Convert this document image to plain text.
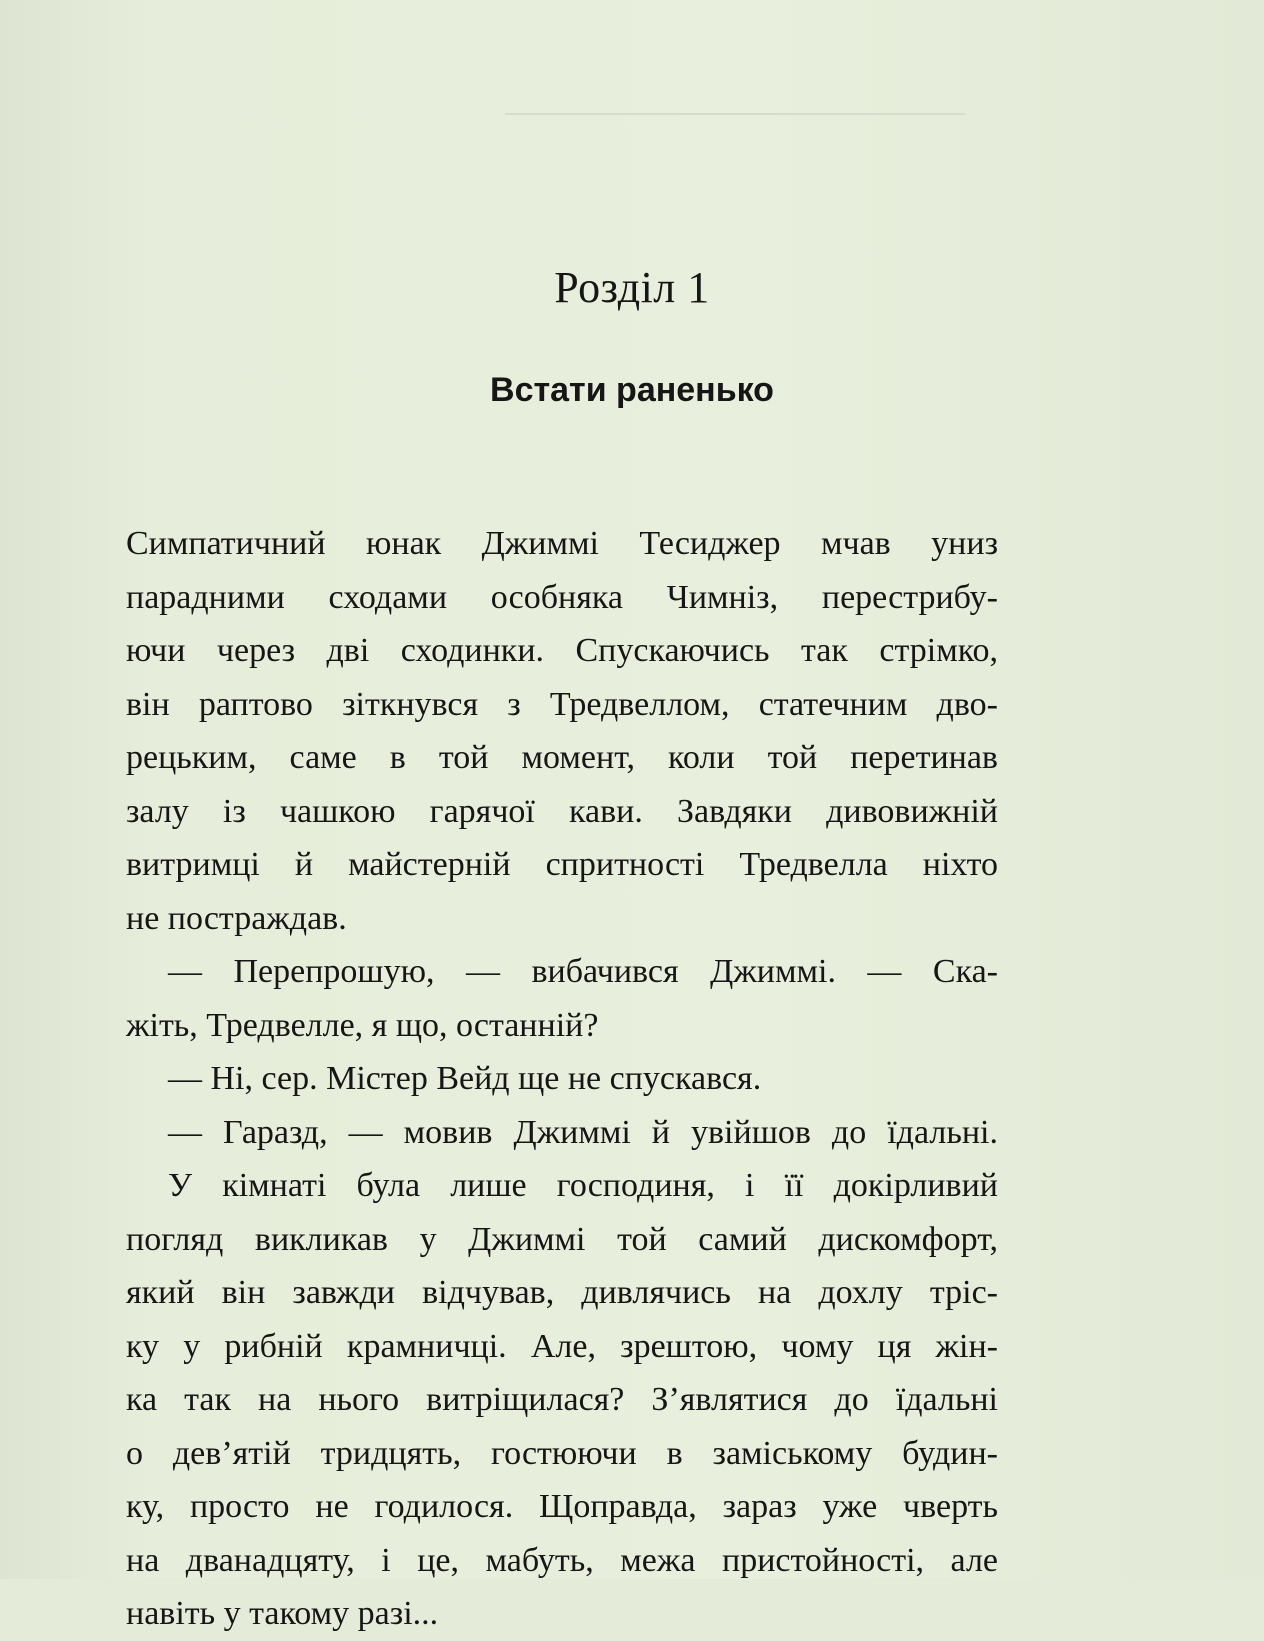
Розділ 1
Встати раненько
Симпатичний юнак Джиммі Тесиджер мчав униз
парадними сходами особняка Чимніз, перестрибу-
ючи через дві сходинки. Спускаючись так стрімко,
він раптово зіткнувся з Тредвеллом, статечним дво-
рецьким, саме в той момент, коли той перетинав
залу із чашкою гарячої кави. Завдяки дивовижній
витримці й майстерній спритності Тредвелла ніхто
не постраждав.
— Перепрошую, — вибачився Джиммі. — Ска-
жіть, Тредвелле, я що, останній?
— Ні, сер. Містер Вейд ще не спускався.
— Гаразд, — мовив Джиммі й увійшов до їдальні.
У кімнаті була лише господиня, і її докірливий
погляд викликав у Джиммі той самий дискомфорт,
який він завжди відчував, дивлячись на дохлу тріс-
ку у рибній крамничці. Але, зрештою, чому ця жін-
ка так на нього витріщилася? З’являтися до їдальні
о дев’ятій тридцять, гостюючи в заміському будин-
ку, просто не годилося. Щоправда, зараз уже чверть
на дванадцяту, і це, мабуть, межа пристойності, але
навіть у такому разі...
